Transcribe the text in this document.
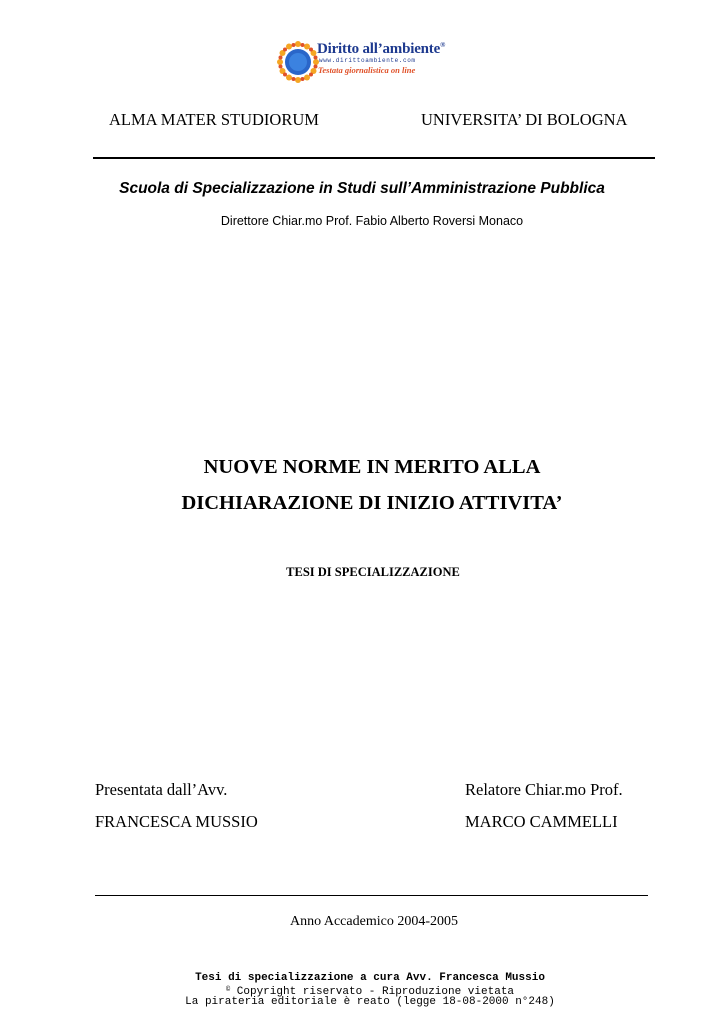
Diritto all’ambiente®
www.dirittoambiente.com
Testata giornalistica on line
ALMA MATER STUDIORUM	UNIVERSITA’ DI BOLOGNA
Scuola di Specializzazione in Studi sull’Amministrazione Pubblica
Direttore Chiar.mo Prof. Fabio Alberto Roversi Monaco
NUOVE NORME IN MERITO ALLA
DICHIARAZIONE DI INIZIO ATTIVITA’
TESI DI SPECIALIZZAZIONE
Presentata dall’Avv.
FRANCESCA MUSSIO
Relatore Chiar.mo Prof.
MARCO CAMMELLI
Anno Accademico 2004-2005
Tesi di specializzazione a cura Avv. Francesca Mussio
© Copyright riservato - Riproduzione vietata
La pirateria editoriale è reato (legge 18-08-2000 n°248)
